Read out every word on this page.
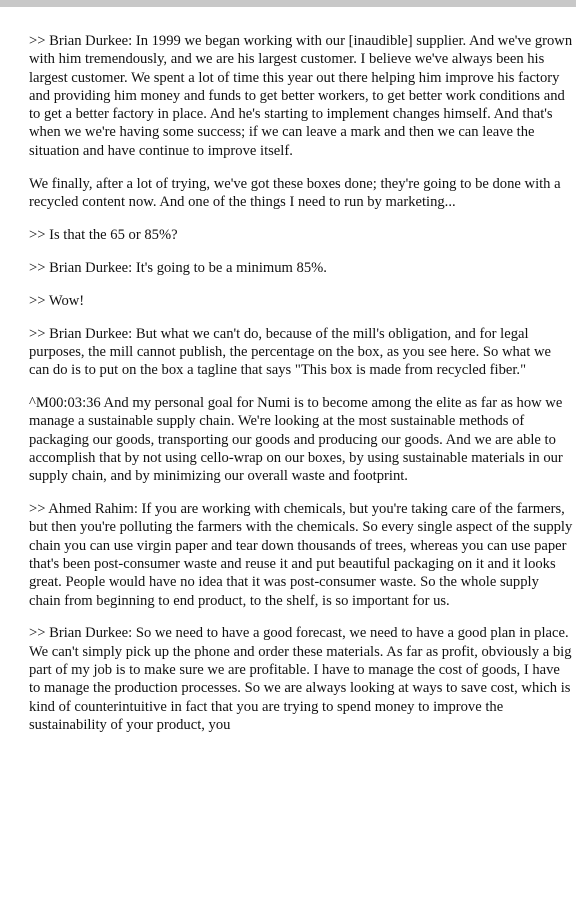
>> Brian Durkee: In 1999 we began working with our [inaudible] supplier. And we've grown with him tremendously, and we are his largest customer. I believe we've always been his largest customer. We spent a lot of time this year out there helping him improve his factory and providing him money and funds to get better workers, to get better work conditions and to get a better factory in place. And he's starting to implement changes himself. And that's when we we're having some success; if we can leave a mark and then we can leave the situation and have continue to improve itself.

We finally, after a lot of trying, we've got these boxes done; they're going to be done with a recycled content now. And one of the things I need to run by marketing...

>> Is that the 65 or 85%?

>> Brian Durkee: It's going to be a minimum 85%.

>> Wow!

>> Brian Durkee: But what we can't do, because of the mill's obligation, and for legal purposes, the mill cannot publish, the percentage on the box, as you see here. So what we can do is to put on the box a tagline that says "This box is made from recycled fiber."

^M00:03:36 And my personal goal for Numi is to become among the elite as far as how we manage a sustainable supply chain. We're looking at the most sustainable methods of packaging our goods, transporting our goods and producing our goods. And we are able to accomplish that by not using cello-wrap on our boxes, by using sustainable materials in our supply chain, and by minimizing our overall waste and footprint.

>> Ahmed Rahim: If you are working with chemicals, but you're taking care of the farmers, but then you're polluting the farmers with the chemicals. So every single aspect of the supply chain you can use virgin paper and tear down thousands of trees, whereas you can use paper that's been post-consumer waste and reuse it and put beautiful packaging on it and it looks great. People would have no idea that it was post-consumer waste. So the whole supply chain from beginning to end product, to the shelf, is so important for us.

>> Brian Durkee: So we need to have a good forecast, we need to have a good plan in place. We can't simply pick up the phone and order these materials. As far as profit, obviously a big part of my job is to make sure we are profitable. I have to manage the cost of goods, I have to manage the production processes. So we are always looking at ways to save cost, which is kind of counterintuitive in fact that you are trying to spend money to improve the sustainability of your product, you
